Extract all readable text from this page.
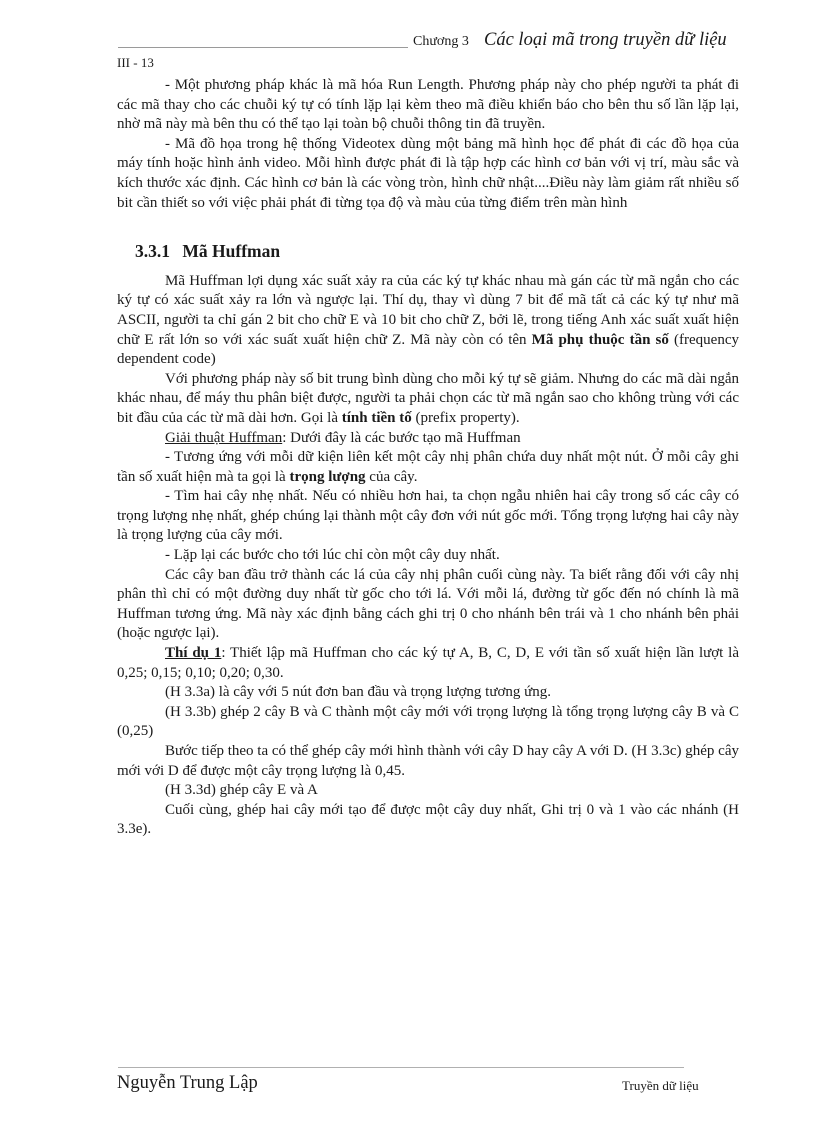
Chương 3 Các loại mã trong truyền dữ liệu
III - 13

- Một phương pháp khác là mã hóa Run Length. Phương pháp này cho phép người ta phát đi các mã thay cho các chuỗi ký tự có tính lặp lại kèm theo mã điều khiển báo cho bên thu số lần lặp lại, nhờ mã này mà bên thu có thể tạo lại toàn bộ chuỗi thông tin đã truyền.

- Mã đồ họa trong hệ thống Videotex dùng một bảng mã hình học để phát đi các đồ họa của máy tính hoặc hình ảnh video. Mỗi hình được phát đi là tập hợp các hình cơ bản với vị trí, màu sắc và kích thước xác định. Các hình cơ bản là các vòng tròn, hình chữ nhật....Điều này làm giảm rất nhiều số bit cần thiết so với việc phải phát đi từng tọa độ và màu của từng điểm trên màn hình

3.3.1 Mã Huffman

Mã Huffman lợi dụng xác suất xảy ra của các ký tự khác nhau mà gán các từ mã ngắn cho các ký tự có xác suất xảy ra lớn và ngược lại. Thí dụ, thay vì dùng 7 bit để mã tất cả các ký tự như mã ASCII, người ta chỉ gán 2 bit cho chữ E và 10 bit cho chữ Z, bởi lẽ, trong tiếng Anh xác suất xuất hiện chữ E rất lớn so với xác suất xuất hiện chữ Z. Mã này còn có tên Mã phụ thuộc tần số (frequency dependent code)

Với phương pháp này số bit trung bình dùng cho mỗi ký tự sẽ giảm. Nhưng do các mã dài ngắn khác nhau, để máy thu phân biệt được, người ta phải chọn các từ mã ngắn sao cho không trùng với các bit đầu của các từ mã dài hơn. Gọi là tính tiền tố (prefix property).

Giải thuật Huffman: Dưới đây là các bước tạo mã Huffman

- Tương ứng với mỗi dữ kiện liên kết một cây nhị phân chứa duy nhất một nút. Ở mỗi cây ghi tần số xuất hiện mà ta gọi là trọng lượng của cây.

- Tìm hai cây nhẹ nhất. Nếu có nhiều hơn hai, ta chọn ngẫu nhiên hai cây trong số các cây có trọng lượng nhẹ nhất, ghép chúng lại thành một cây đơn với nút gốc mới. Tổng trọng lượng hai cây này là trọng lượng của cây mới.

- Lặp lại các bước cho tới lúc chỉ còn một cây duy nhất.

Các cây ban đầu trở thành các lá của cây nhị phân cuối cùng này. Ta biết rằng đối với cây nhị phân thì chỉ có một đường duy nhất từ gốc cho tới lá. Với mỗi lá, đường từ gốc đến nó chính là mã Huffman tương ứng. Mã này xác định bằng cách ghi trị 0 cho nhánh bên trái và 1 cho nhánh bên phải (hoặc ngược lại).

Thí dụ 1: Thiết lập mã Huffman cho các ký tự A, B, C, D, E với tần số xuất hiện lần lượt là 0,25; 0,15; 0,10; 0,20; 0,30.

(H 3.3a) là cây với 5 nút đơn ban đầu và trọng lượng tương ứng.

(H 3.3b) ghép 2 cây B và C thành một cây mới với trọng lượng là tổng trọng lượng cây B và C (0,25)

Bước tiếp theo ta có thể ghép cây mới hình thành với cây D hay cây A với D. (H 3.3c) ghép cây mới với D để được một cây trọng lượng là 0,45.

(H 3.3d) ghép cây E và A

Cuối cùng, ghép hai cây mới tạo để được một cây duy nhất, Ghi trị 0 và 1 vào các nhánh (H 3.3e).

Nguyễn Trung Lập	Truyền dữ liệu
